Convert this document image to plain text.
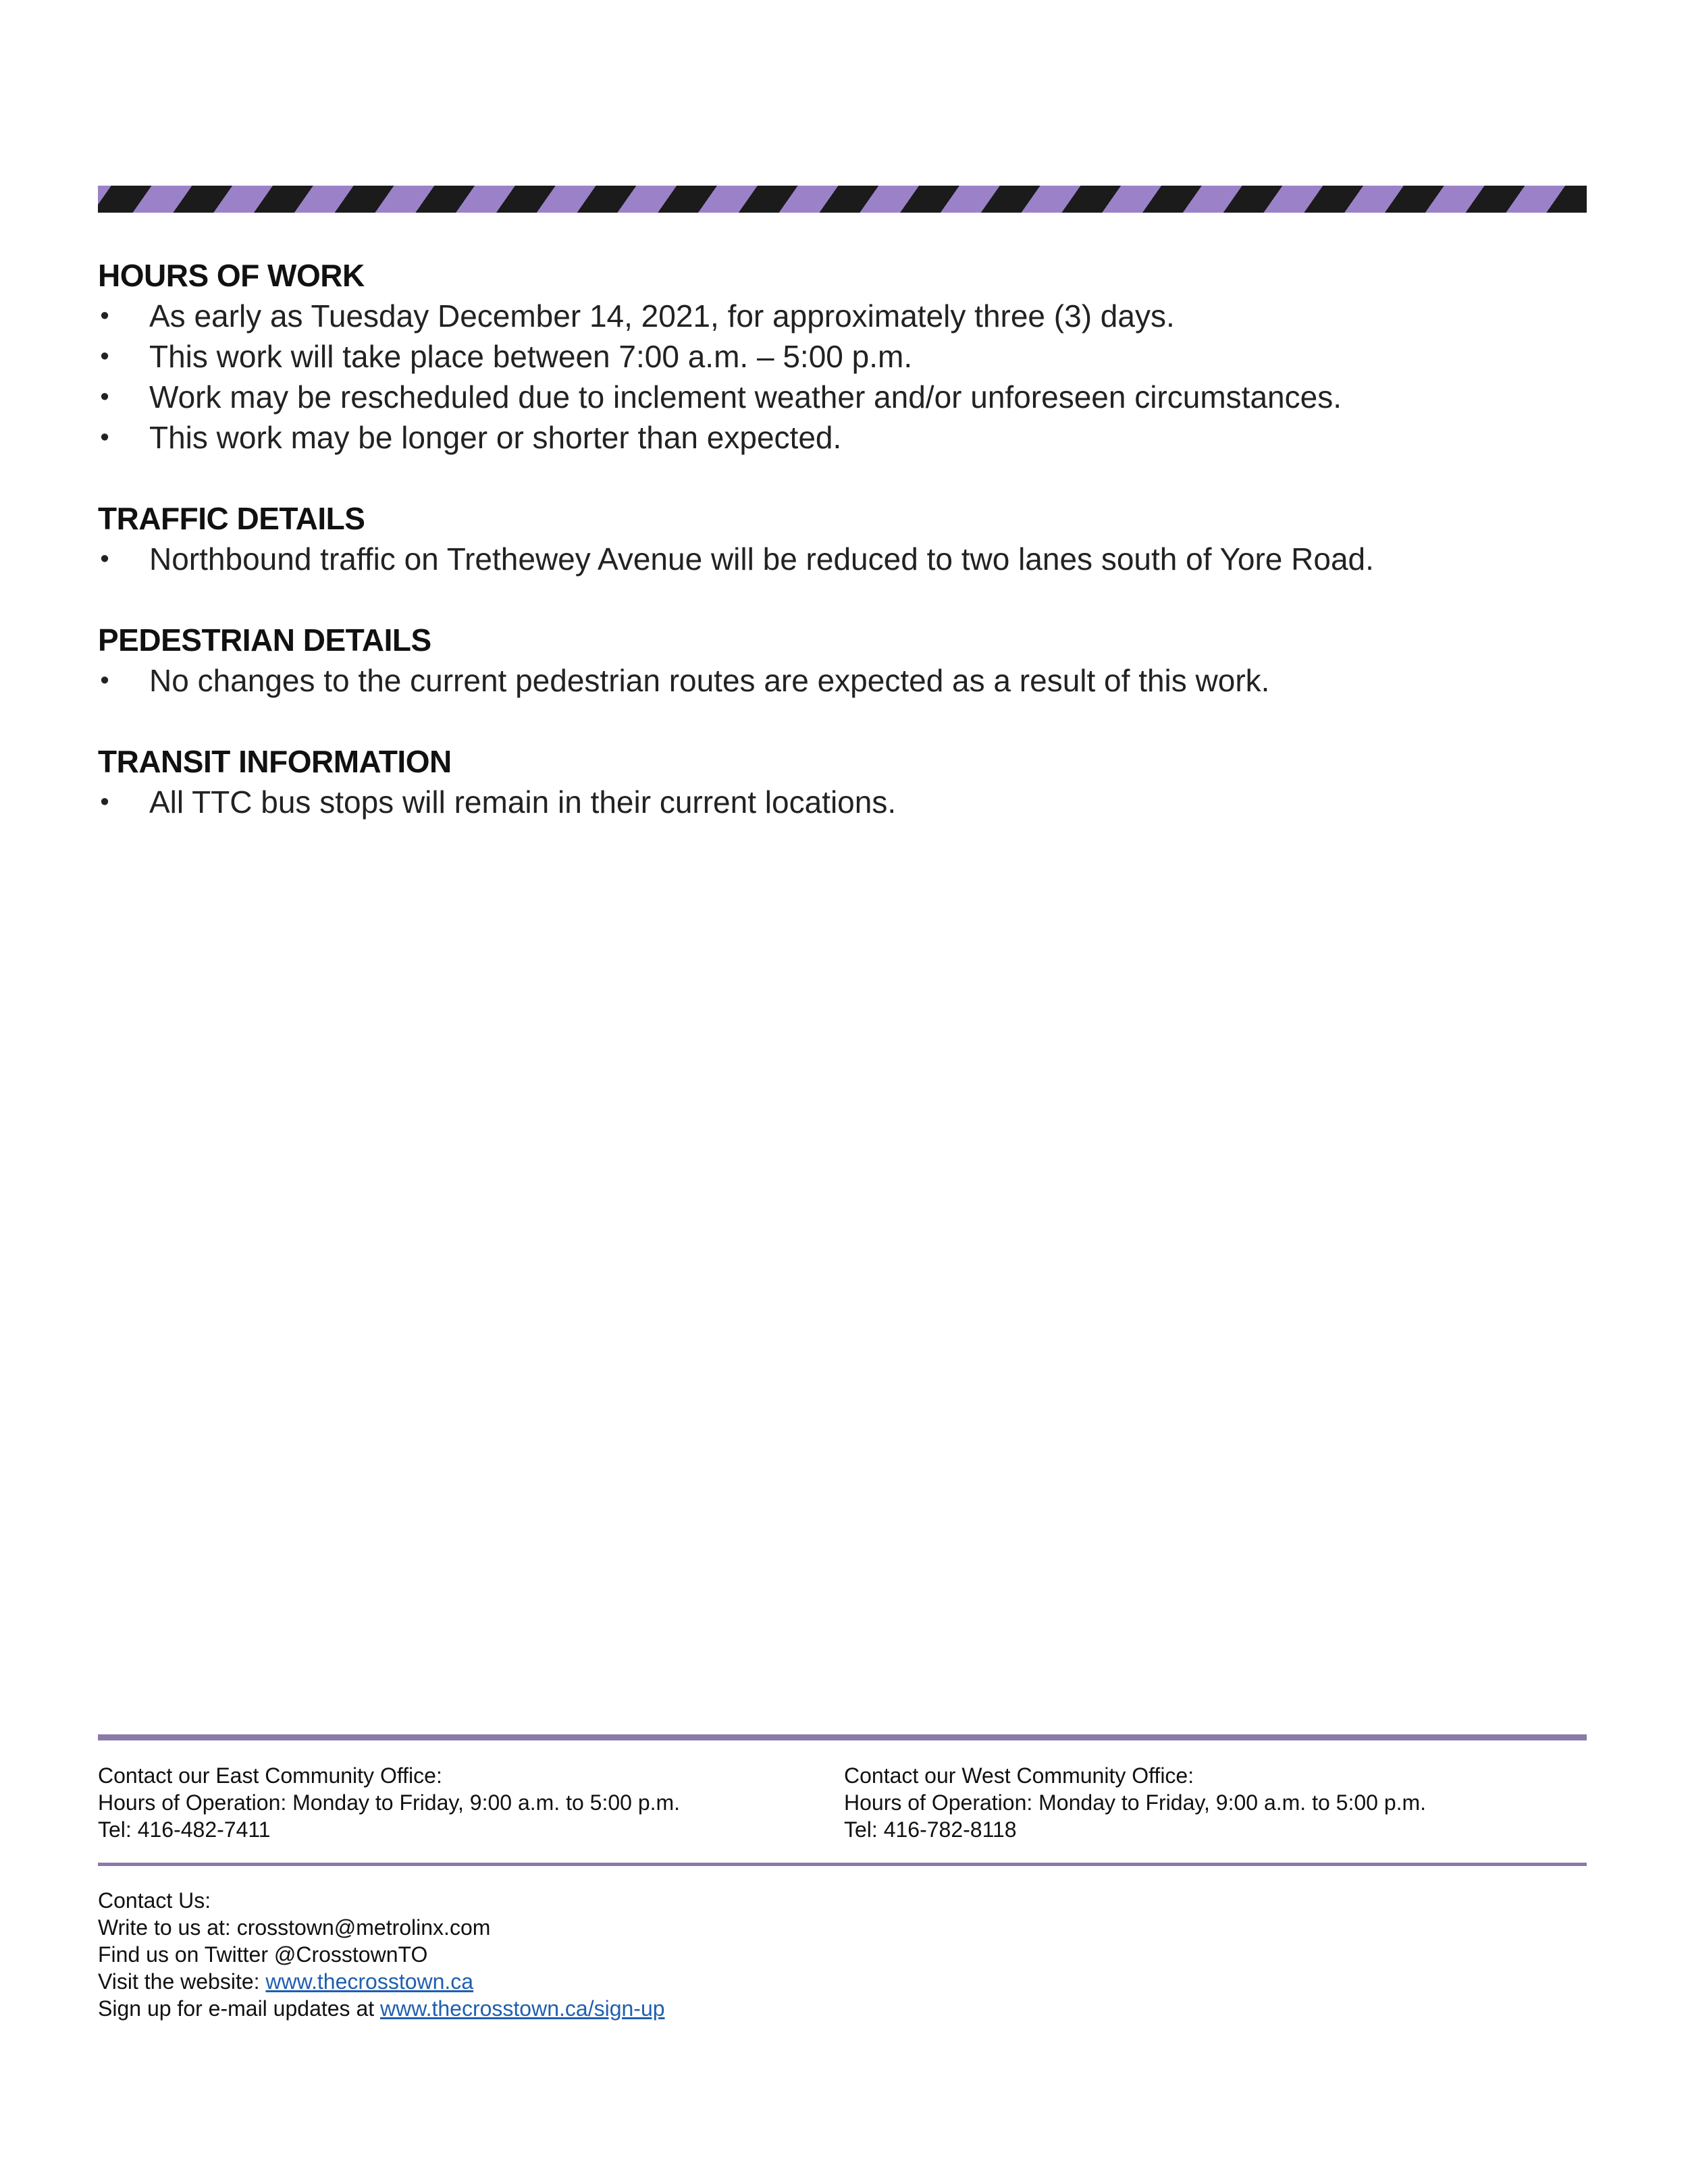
HOURS OF WORK
• As early as Tuesday December 14, 2021, for approximately three (3) days.
• This work will take place between 7:00 a.m. – 5:00 p.m.
• Work may be rescheduled due to inclement weather and/or unforeseen circumstances.
• This work may be longer or shorter than expected.
TRAFFIC DETAILS
• Northbound traffic on Trethewey Avenue will be reduced to two lanes south of Yore Road.
PEDESTRIAN DETAILS
• No changes to the current pedestrian routes are expected as a result of this work.
TRANSIT INFORMATION
• All TTC bus stops will remain in their current locations.
Contact our East Community Office:
Hours of Operation: Monday to Friday, 9:00 a.m. to 5:00 p.m.
Tel: 416-482-7411
Contact our West Community Office:
Hours of Operation: Monday to Friday, 9:00 a.m. to 5:00 p.m.
Tel: 416-782-8118
Contact Us:
Write to us at: crosstown@metrolinx.com
Find us on Twitter @CrosstownTO
Visit the website: www.thecrosstown.ca
Sign up for e-mail updates at www.thecrosstown.ca/sign-up
